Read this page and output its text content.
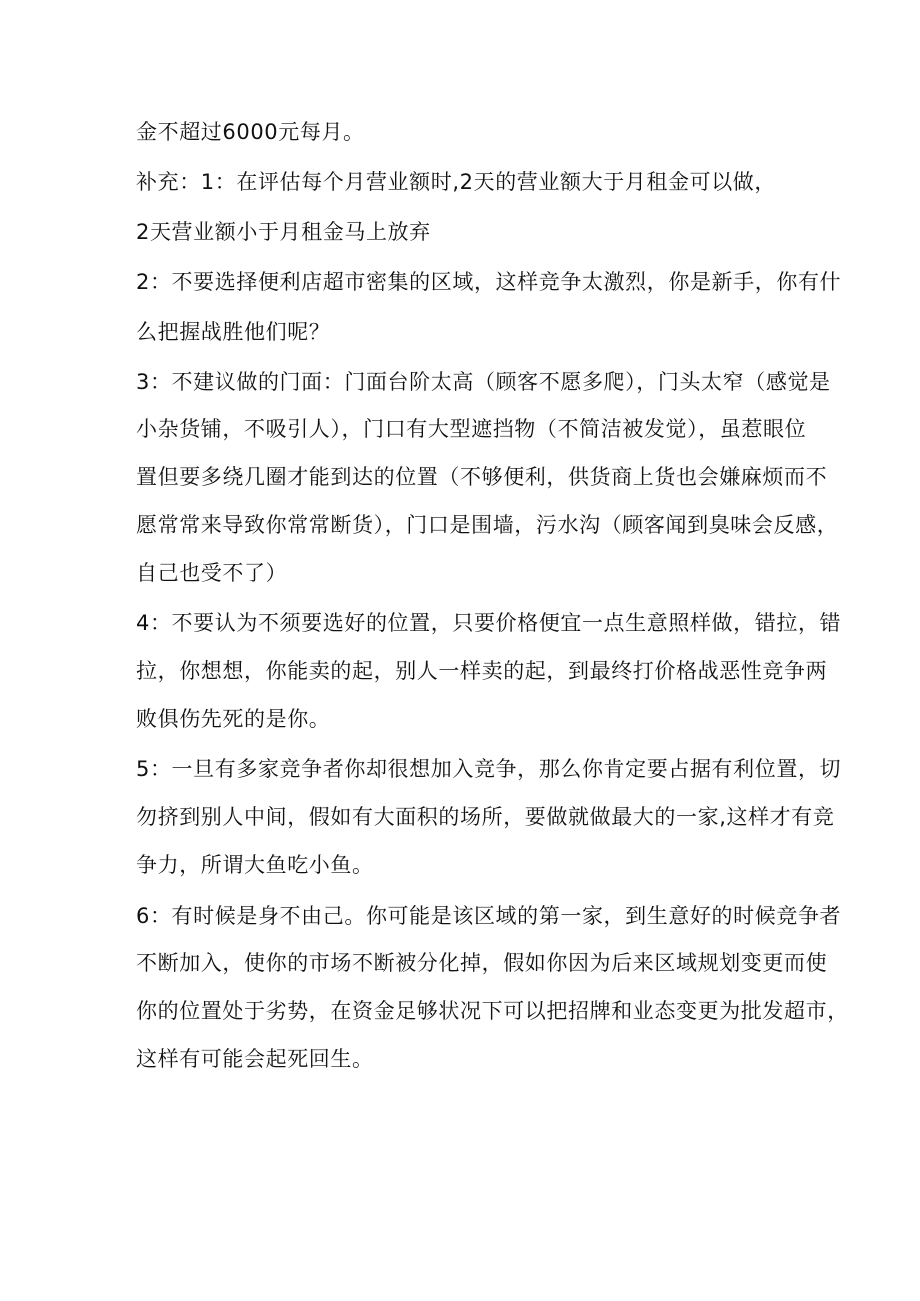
金不超过6000元每月。
补充：1：在评估每个月营业额时,2天的营业额大于月租金可以做，
2天营业额小于月租金马上放弃
2：不要选择便利店超市密集的区域，这样竞争太激烈，你是新手，你有什
么把握战胜他们呢？
3：不建议做的门面：门面台阶太高（顾客不愿多爬），门头太窄（感觉是
小杂货铺，不吸引人），门口有大型遮挡物（不简洁被发觉），虽惹眼位
置但要多绕几圈才能到达的位置（不够便利，供货商上货也会嫌麻烦而不
愿常常来导致你常常断货），门口是围墙，污水沟（顾客闻到臭味会反感，
自己也受不了）
4：不要认为不须要选好的位置，只要价格便宜一点生意照样做，错拉，错
拉，你想想，你能卖的起，别人一样卖的起，到最终打价格战恶性竞争两
败俱伤先死的是你。
5：一旦有多家竞争者你却很想加入竞争，那么你肯定要占据有利位置，切
勿挤到别人中间，假如有大面积的场所，要做就做最大的一家,这样才有竞
争力，所谓大鱼吃小鱼。
6：有时候是身不由己。你可能是该区域的第一家，到生意好的时候竞争者
不断加入，使你的市场不断被分化掉，假如你因为后来区域规划变更而使
你的位置处于劣势，在资金足够状况下可以把招牌和业态变更为批发超市，
这样有可能会起死回生。
